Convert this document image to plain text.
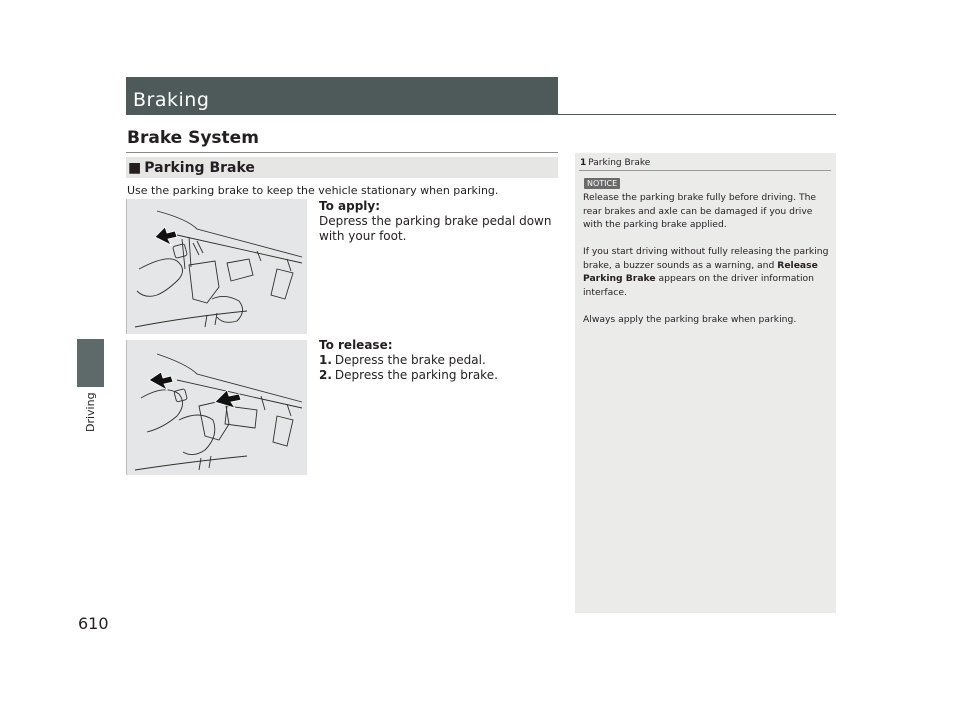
Driving
610
Braking
Brake System
■ Parking Brake
Use the parking brake to keep the vehicle stationary when parking.
To apply:
Depress the parking brake pedal down with your foot.
To release:
1. Depress the brake pedal.
2. Depress the parking brake.
1 Parking Brake
NOTICE
Release the parking brake fully before driving. The rear brakes and axle can be damaged if you drive with the parking brake applied.
If you start driving without fully releasing the parking brake, a buzzer sounds as a warning, and Release Parking Brake appears on the driver information interface.
Always apply the parking brake when parking.
